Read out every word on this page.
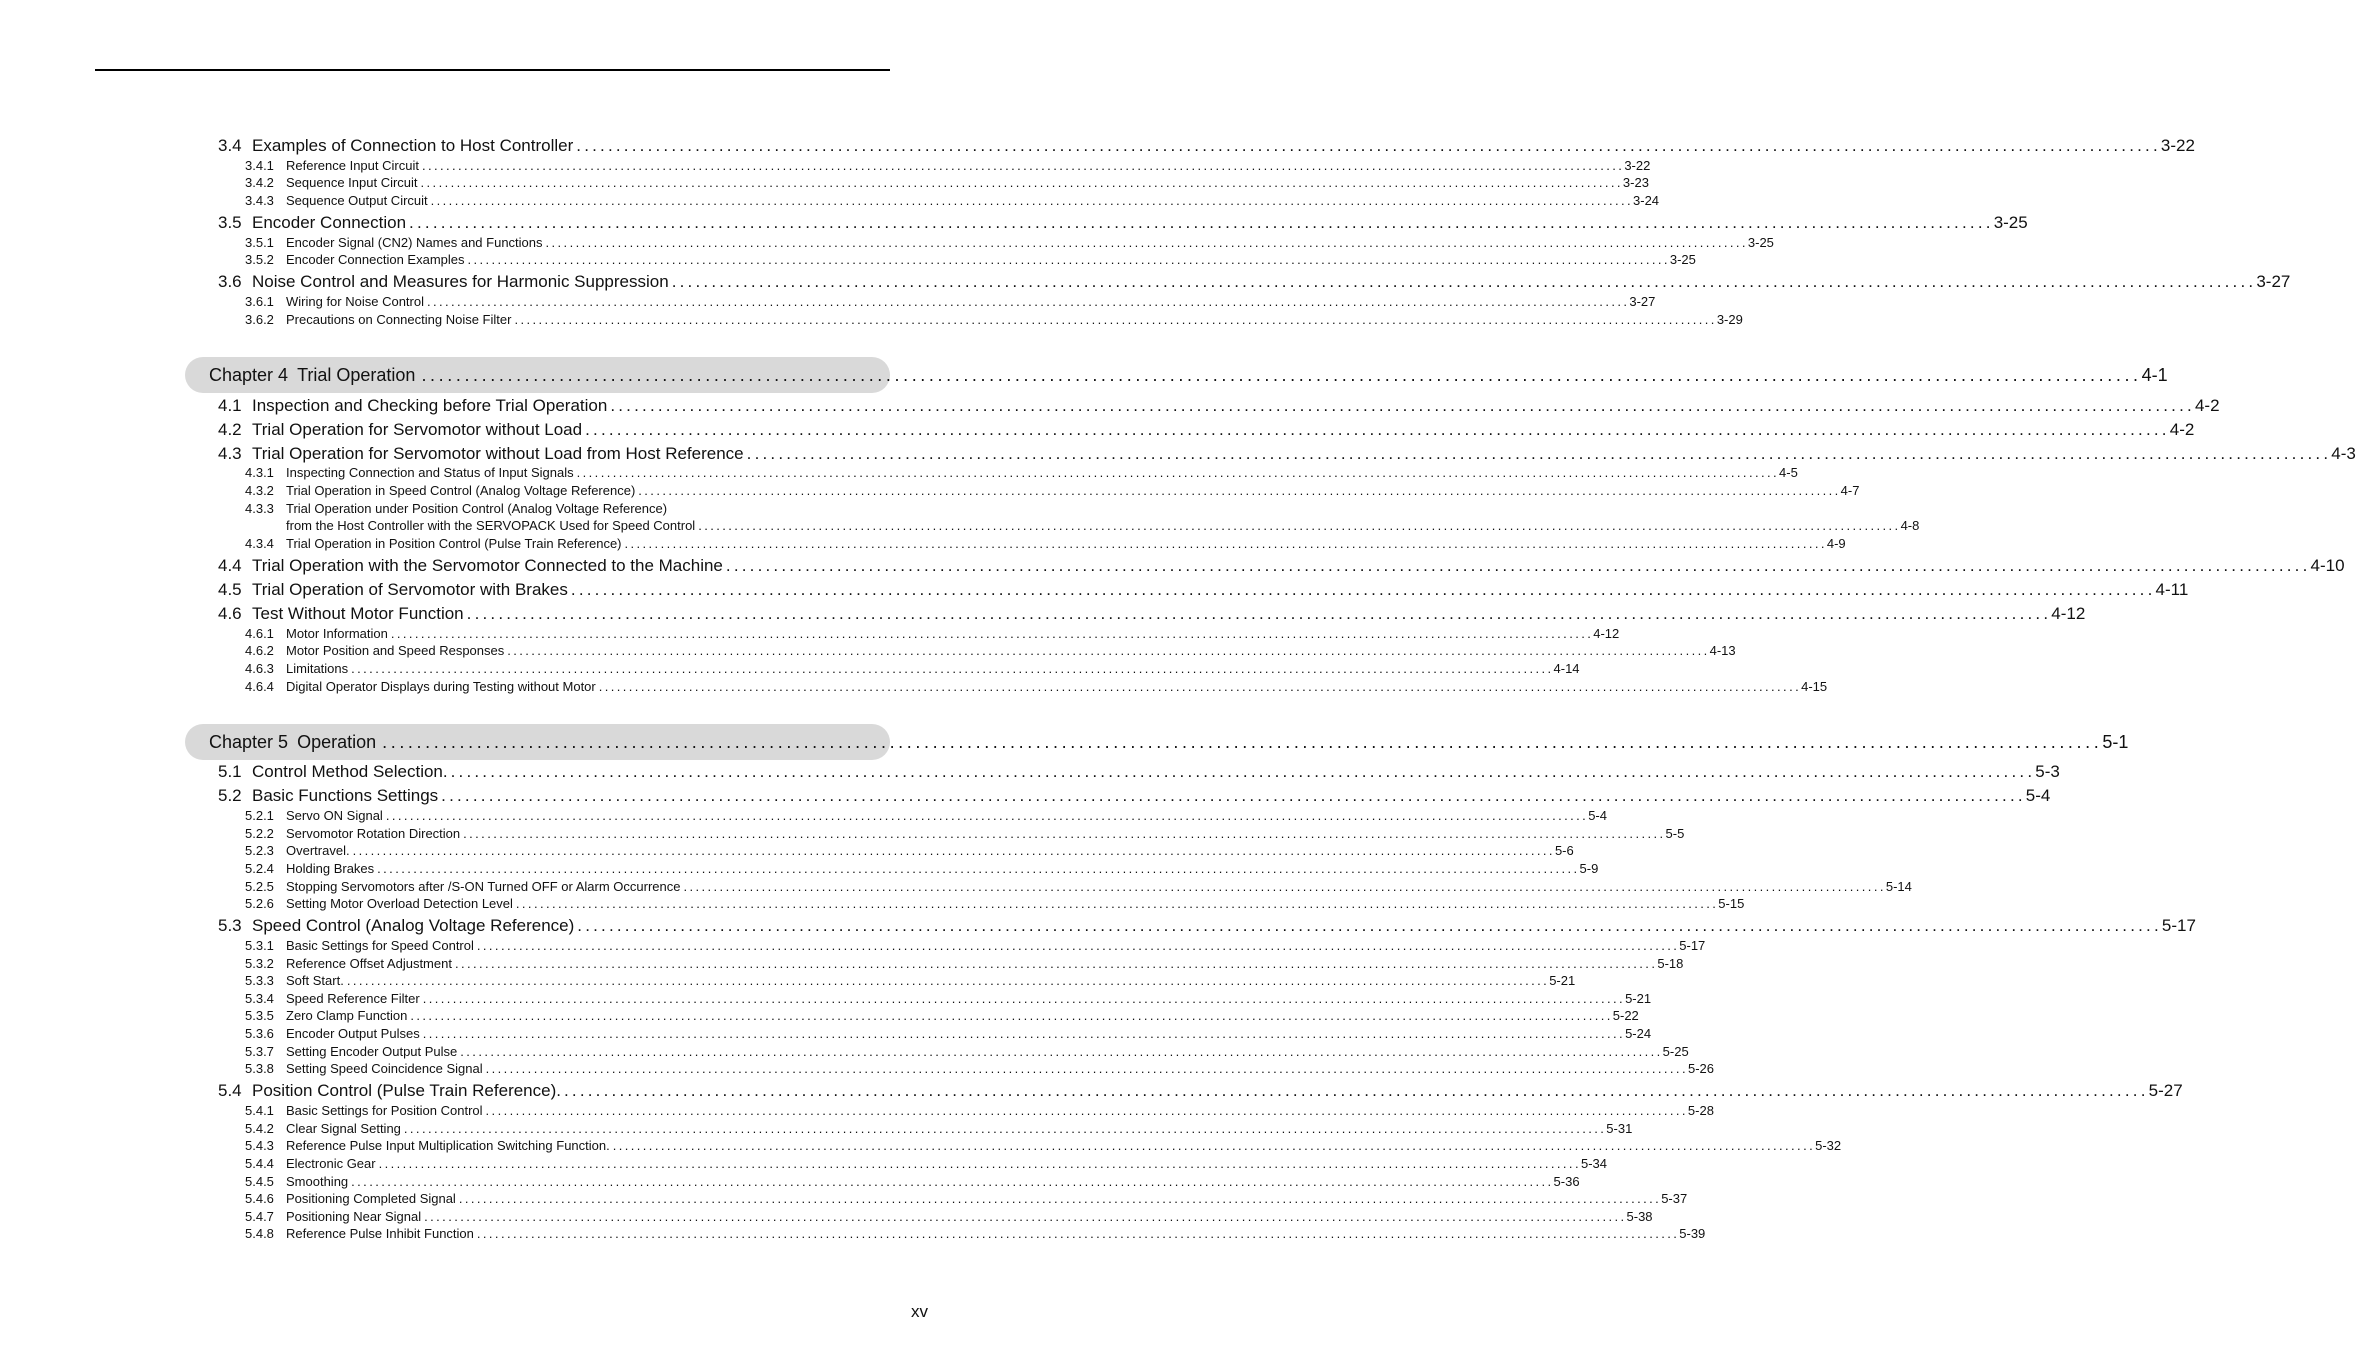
3.4 Examples of Connection to Host Controller ........................................................................................................................................................................................................ 3-22
3.4.1 Reference Input Circuit ........................................................................................................................................................................................................ 3-22
3.4.2 Sequence Input Circuit ........................................................................................................................................................................................................ 3-23
3.4.3 Sequence Output Circuit ........................................................................................................................................................................................................ 3-24
3.5 Encoder Connection ........................................................................................................................................................................................................ 3-25
3.5.1 Encoder Signal (CN2) Names and Functions ........................................................................................................................................................................................................ 3-25
3.5.2 Encoder Connection Examples ........................................................................................................................................................................................................ 3-25
3.6 Noise Control and Measures for Harmonic Suppression ........................................................................................................................................................................................................ 3-27
3.6.1 Wiring for Noise Control ........................................................................................................................................................................................................ 3-27
3.6.2 Precautions on Connecting Noise Filter ........................................................................................................................................................................................................ 3-29
Chapter 4 Trial Operation ........................................................................................................................................................................................................ 4-1
4.1 Inspection and Checking before Trial Operation ........................................................................................................................................................................................................ 4-2
4.2 Trial Operation for Servomotor without Load ........................................................................................................................................................................................................ 4-2
4.3 Trial Operation for Servomotor without Load from Host Reference ........................................................................................................................................................................................................ 4-3
4.3.1 Inspecting Connection and Status of Input Signals ........................................................................................................................................................................................................ 4-5
4.3.2 Trial Operation in Speed Control (Analog Voltage Reference) ........................................................................................................................................................................................................ 4-7
4.3.3 Trial Operation under Position Control (Analog Voltage Reference)
from the Host Controller with the SERVOPACK Used for Speed Control ........................................................................................................................................................................................................ 4-8
4.3.4 Trial Operation in Position Control (Pulse Train Reference) ........................................................................................................................................................................................................ 4-9
4.4 Trial Operation with the Servomotor Connected to the Machine ........................................................................................................................................................................................................ 4-10
4.5 Trial Operation of Servomotor with Brakes ........................................................................................................................................................................................................ 4-11
4.6 Test Without Motor Function ........................................................................................................................................................................................................ 4-12
4.6.1 Motor Information ........................................................................................................................................................................................................ 4-12
4.6.2 Motor Position and Speed Responses ........................................................................................................................................................................................................ 4-13
4.6.3 Limitations ........................................................................................................................................................................................................ 4-14
4.6.4 Digital Operator Displays during Testing without Motor ........................................................................................................................................................................................................ 4-15
Chapter 5 Operation ........................................................................................................................................................................................................ 5-1
5.1 Control Method Selection. ........................................................................................................................................................................................................ 5-3
5.2 Basic Functions Settings ........................................................................................................................................................................................................ 5-4
5.2.1 Servo ON Signal ........................................................................................................................................................................................................ 5-4
5.2.2 Servomotor Rotation Direction ........................................................................................................................................................................................................ 5-5
5.2.3 Overtravel. ........................................................................................................................................................................................................ 5-6
5.2.4 Holding Brakes ........................................................................................................................................................................................................ 5-9
5.2.5 Stopping Servomotors after /S-ON Turned OFF or Alarm Occurrence ........................................................................................................................................................................................................ 5-14
5.2.6 Setting Motor Overload Detection Level ........................................................................................................................................................................................................ 5-15
5.3 Speed Control (Analog Voltage Reference) ........................................................................................................................................................................................................ 5-17
5.3.1 Basic Settings for Speed Control ........................................................................................................................................................................................................ 5-17
5.3.2 Reference Offset Adjustment ........................................................................................................................................................................................................ 5-18
5.3.3 Soft Start. ........................................................................................................................................................................................................ 5-21
5.3.4 Speed Reference Filter ........................................................................................................................................................................................................ 5-21
5.3.5 Zero Clamp Function ........................................................................................................................................................................................................ 5-22
5.3.6 Encoder Output Pulses ........................................................................................................................................................................................................ 5-24
5.3.7 Setting Encoder Output Pulse ........................................................................................................................................................................................................ 5-25
5.3.8 Setting Speed Coincidence Signal ........................................................................................................................................................................................................ 5-26
5.4 Position Control (Pulse Train Reference). ........................................................................................................................................................................................................ 5-27
5.4.1 Basic Settings for Position Control ........................................................................................................................................................................................................ 5-28
5.4.2 Clear Signal Setting ........................................................................................................................................................................................................ 5-31
5.4.3 Reference Pulse Input Multiplication Switching Function. ........................................................................................................................................................................................................ 5-32
5.4.4 Electronic Gear ........................................................................................................................................................................................................ 5-34
5.4.5 Smoothing ........................................................................................................................................................................................................ 5-36
5.4.6 Positioning Completed Signal ........................................................................................................................................................................................................ 5-37
5.4.7 Positioning Near Signal ........................................................................................................................................................................................................ 5-38
5.4.8 Reference Pulse Inhibit Function ........................................................................................................................................................................................................ 5-39
xv
